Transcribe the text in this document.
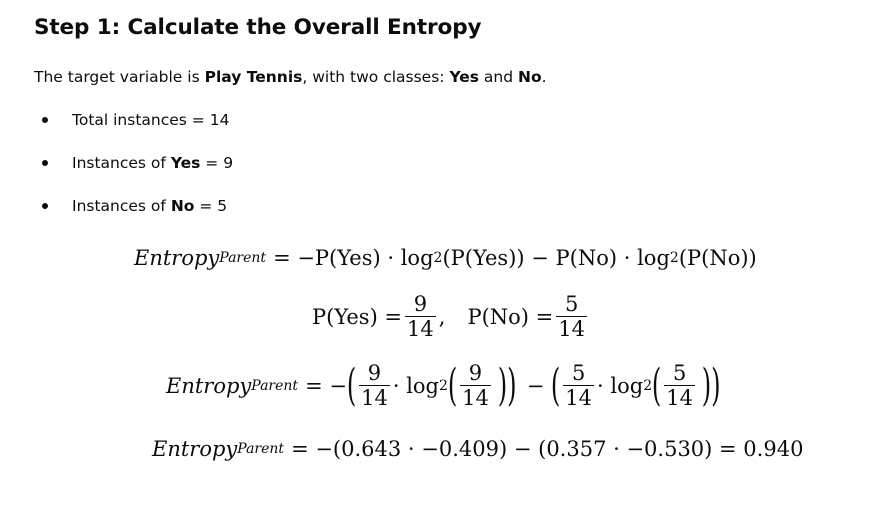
Step 1: Calculate the Overall Entropy

The target variable is Play Tennis, with two classes: Yes and No.

Total instances = 14
Instances of Yes = 9
Instances of No = 5
Entropy Parent = −P(Yes) · log 2 (P(Yes)) − P(No) · log 2 (P(No))
$P(Yes) = \frac{9}{14}$ , $P(No) = \frac{5}{14}$
Entropy Parent = − ( $\frac{9}{14} \cdot \log 2$ ( $\frac{9}{14}$ )) − ( $\frac{5}{14} \cdot \log 2$ ( $\frac{5}{14}$ ))
Entropy Parent = −(0.643 · −0.409) − (0.357 · −0.530) = 0.940
